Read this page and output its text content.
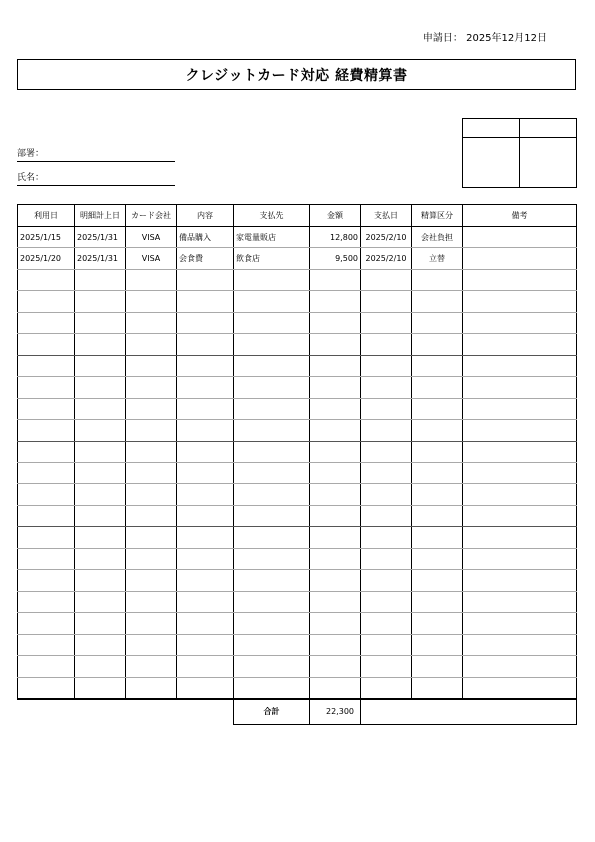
申請日： 2025年12月12日
クレジットカード対応 経費精算書
部署：
氏名：
利用日	明細計上日	カード会社	内容	支払先	金額	支払日	精算区分	備考
2025/1/15	2025/1/31	VISA	備品購入	家電量販店	12,800	2025/2/10	会社負担	
2025/1/20	2025/1/31	VISA	会食費	飲食店	9,500	2025/2/10	立替	

合計	22,300	
